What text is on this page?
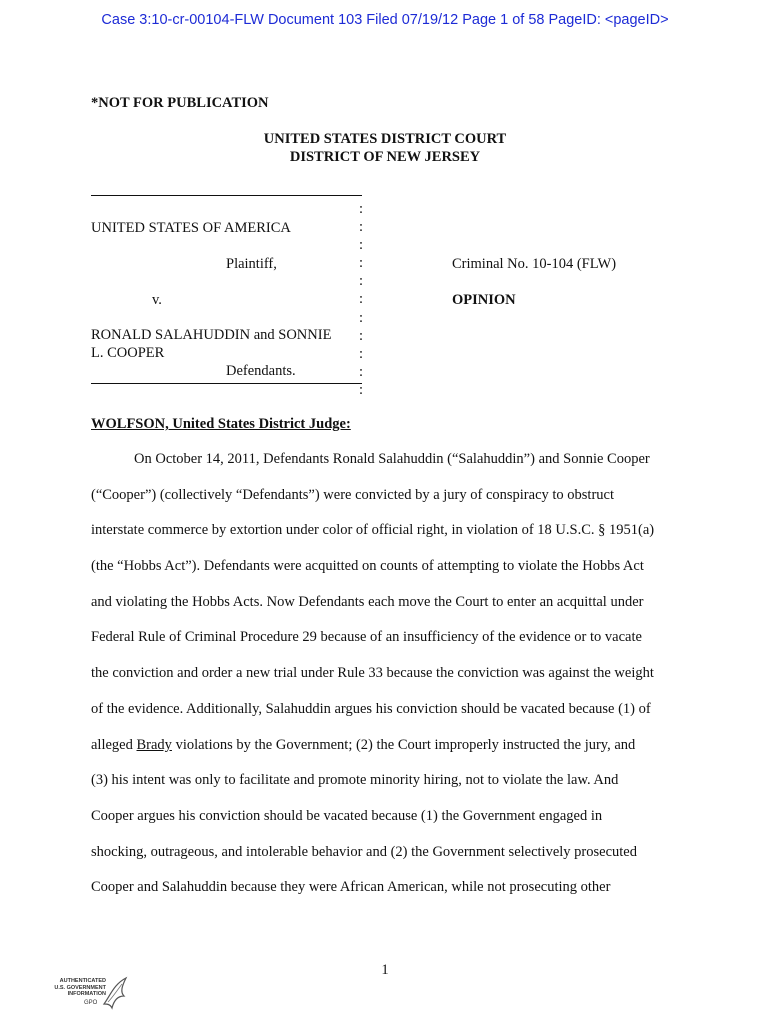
Case 3:10-cr-00104-FLW Document 103 Filed 07/19/12 Page 1 of 58 PageID: <pageID>
*NOT FOR PUBLICATION
UNITED STATES DISTRICT COURT
DISTRICT OF NEW JERSEY
:
:
:
:
:
:
:
:
:
:
:
UNITED STATES OF AMERICA
Plaintiff,
v.
RONALD SALAHUDDIN and SONNIE
L. COOPER
Defendants.
Criminal No. 10-104 (FLW)
OPINION
WOLFSON, United States District Judge:
On October 14, 2011, Defendants Ronald Salahuddin (“Salahuddin”) and Sonnie Cooper
(“Cooper”) (collectively “Defendants”) were convicted by a jury of conspiracy to obstruct
interstate commerce by extortion under color of official right, in violation of 18 U.S.C. § 1951(a)
(the “Hobbs Act”). Defendants were acquitted on counts of attempting to violate the Hobbs Act
and violating the Hobbs Acts. Now Defendants each move the Court to enter an acquittal under
Federal Rule of Criminal Procedure 29 because of an insufficiency of the evidence or to vacate
the conviction and order a new trial under Rule 33 because the conviction was against the weight
of the evidence. Additionally, Salahuddin argues his conviction should be vacated because (1) of
alleged Brady violations by the Government; (2) the Court improperly instructed the jury, and
(3) his intent was only to facilitate and promote minority hiring, not to violate the law. And
Cooper argues his conviction should be vacated because (1) the Government engaged in
shocking, outrageous, and intolerable behavior and (2) the Government selectively prosecuted
Cooper and Salahuddin because they were African American, while not prosecuting other
1
AUTHENTICATED
U.S. GOVERNMENT
INFORMATION
GPO
